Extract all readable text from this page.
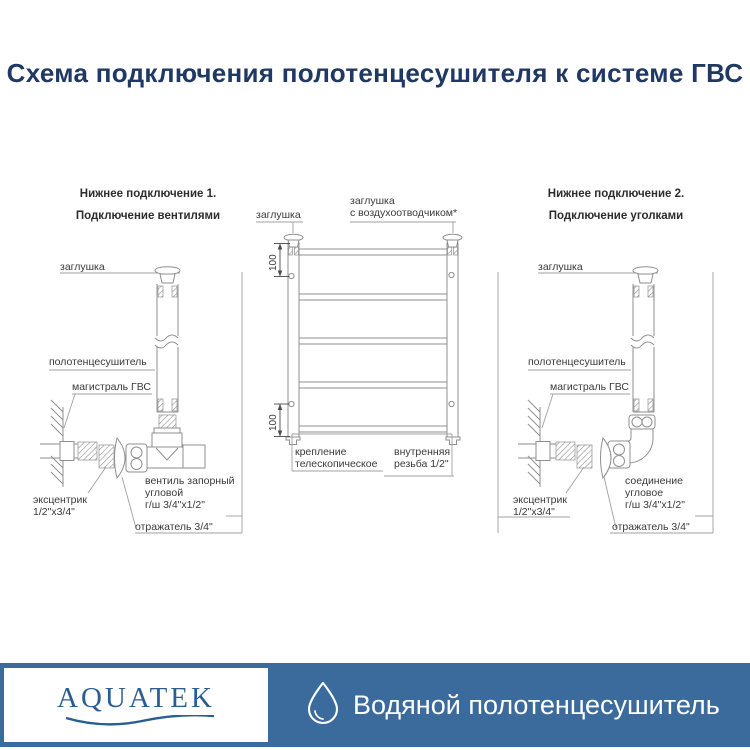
Схема подключения полотенцесушителя к системе ГВС
100
100
Нижнее подключение 1.
Подключение вентилями
заглушка
полотенцесушитель
магистраль ГВС
вентиль запорный
угловой
г/ш 3/4"х1/2"
эксцентрик
1/2"х3/4"
отражатель 3/4"
заглушка
заглушка
с воздухоотводчиком*
крепление
телескопическое
внутренняя
резьба 1/2"
Нижнее подключение 2.
Подключение уголками
заглушка
полотенцесушитель
магистраль ГВС
соединение
угловое
г/ш 3/4"х1/2"
эксцентрик
1/2"х3/4"
отражатель 3/4"
AQUATEK	Водяной полотенцесушитель
